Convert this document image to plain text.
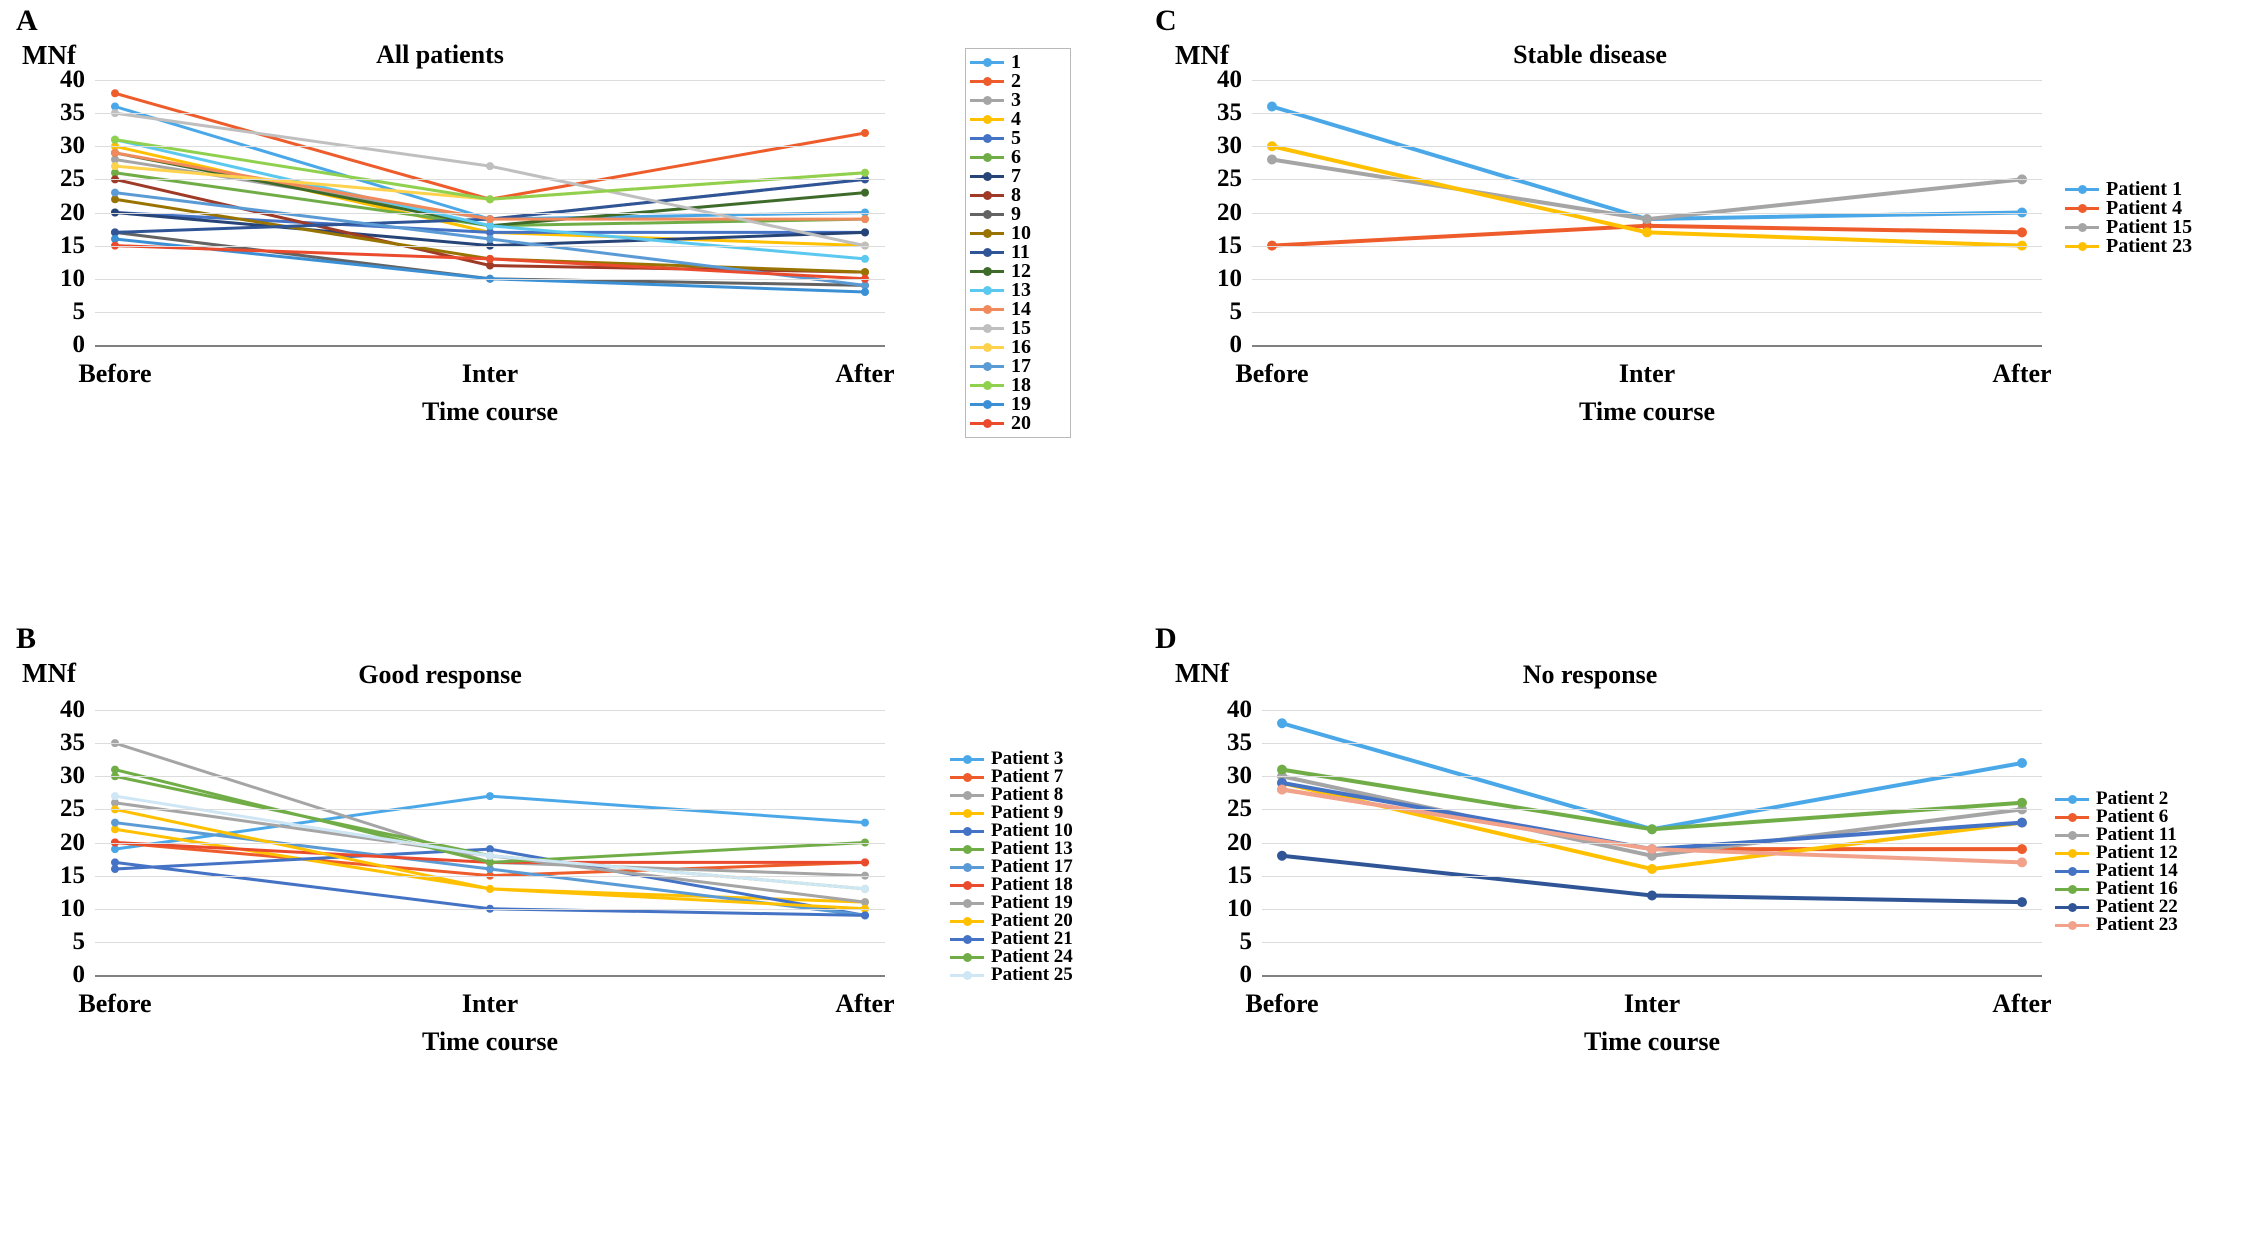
A
MNf	All patients
0
5
10
15
20
25
30
35
40
Before	Inter	After
Time course
1
2
3
4
5
6
7
8
9
10
11
12
13
14
15
16
17
18
19
20
C
MNf	Stable disease
0
5
10
15
20
25
30
35
40
Before	Inter	After
Time course
Patient 1
Patient 4
Patient 15
Patient 23
B
MNf	Good response
0
5
10
15
20
25
30
35
40
Before	Inter	After
Time course
Patient 3
Patient 7
Patient 8
Patient 9
Patient 10
Patient 13
Patient 17
Patient 18
Patient 19
Patient 20
Patient 21
Patient 24
Patient 25
D
MNf	No response
0
5
10
15
20
25
30
35
40
Before	Inter	After
Time course
Patient 2
Patient 6
Patient 11
Patient 12
Patient 14
Patient 16
Patient 22
Patient 23
